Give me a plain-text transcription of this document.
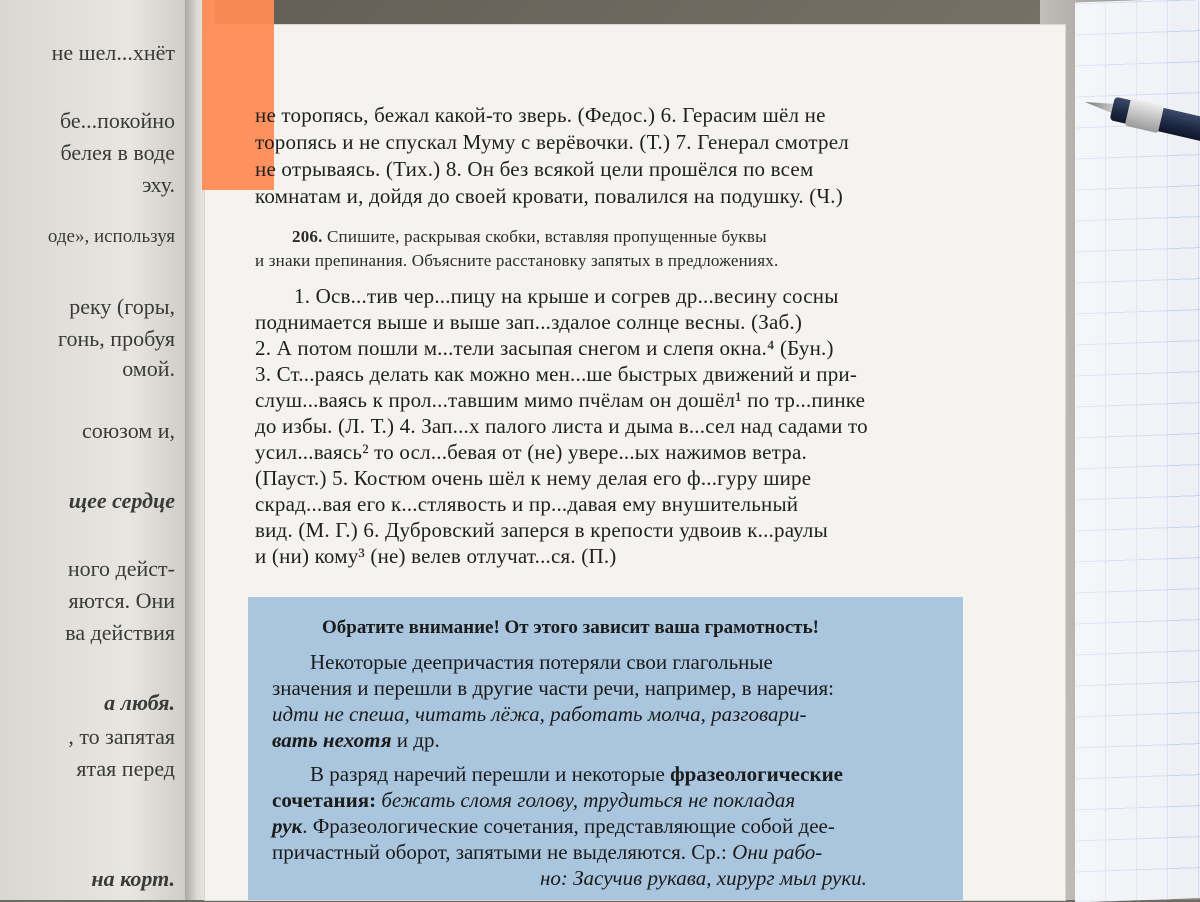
не шел...хнёт
бе...покойно
белея в воде
эху.
оде», используя
реку (горы,
гонь, пробуя
омой.
союзом и,
щее сердце
ного дейст-
яются. Они
ва действия
а любя.
, то запятая
ятая перед
на корт.
не торопясь, бежал какой-то зверь. (Федос.) 6. Герасим шёл не
торопясь и не спускал Муму с верёвочки. (Т.) 7. Генерал смотрел
не отрываясь. (Тих.) 8. Он без всякой цели прошёлся по всем
комнатам и, дойдя до своей кровати, повалился на подушку. (Ч.)
206. Спишите, раскрывая скобки, вставляя пропущенные буквы
и знаки препинания. Объясните расстановку запятых в предложениях.
1. Осв...тив чер...пицу на крыше и согрев др...весину сосны
поднимается выше и выше зап...здалое солнце весны. (Заб.)
2. А потом пошли м...тели засыпая снегом и слепя окна.⁴ (Бун.)
3. Ст...раясь делать как можно мен...ше быстрых движений и при-
слуш...ваясь к прол...тавшим мимо пчёлам он дошёл¹ по тр...пинке
до избы. (Л. Т.) 4. Зап...х палого листа и дыма в...сел над садами то
усил...ваясь² то осл...бевая от (не) увере...ых нажимов ветра.
(Пауст.) 5. Костюм очень шёл к нему делая его ф...гуру шире
скрад...вая его к...стлявость и пр...давая ему внушительный
вид. (М. Г.) 6. Дубровский заперся в крепости удвоив к...раулы
и (ни) кому³ (не) велев отлучат...ся. (П.)
Обратите внимание! От этого зависит ваша грамотность!
Некоторые деепричастия потеряли свои глагольные
значения и перешли в другие части речи, например, в наречия:
идти не спеша, читать лёжа, работать молча, разговари-
вать нехотя и др.
В разряд наречий перешли и некоторые фразеологические
сочетания: бежать сломя голову, трудиться не покладая
рук. Фразеологические сочетания, представляющие собой дее-
причастный оборот, запятыми не выделяются. Ср.: Они рабо-
но: Засучив рукава, хирург мыл руки.
